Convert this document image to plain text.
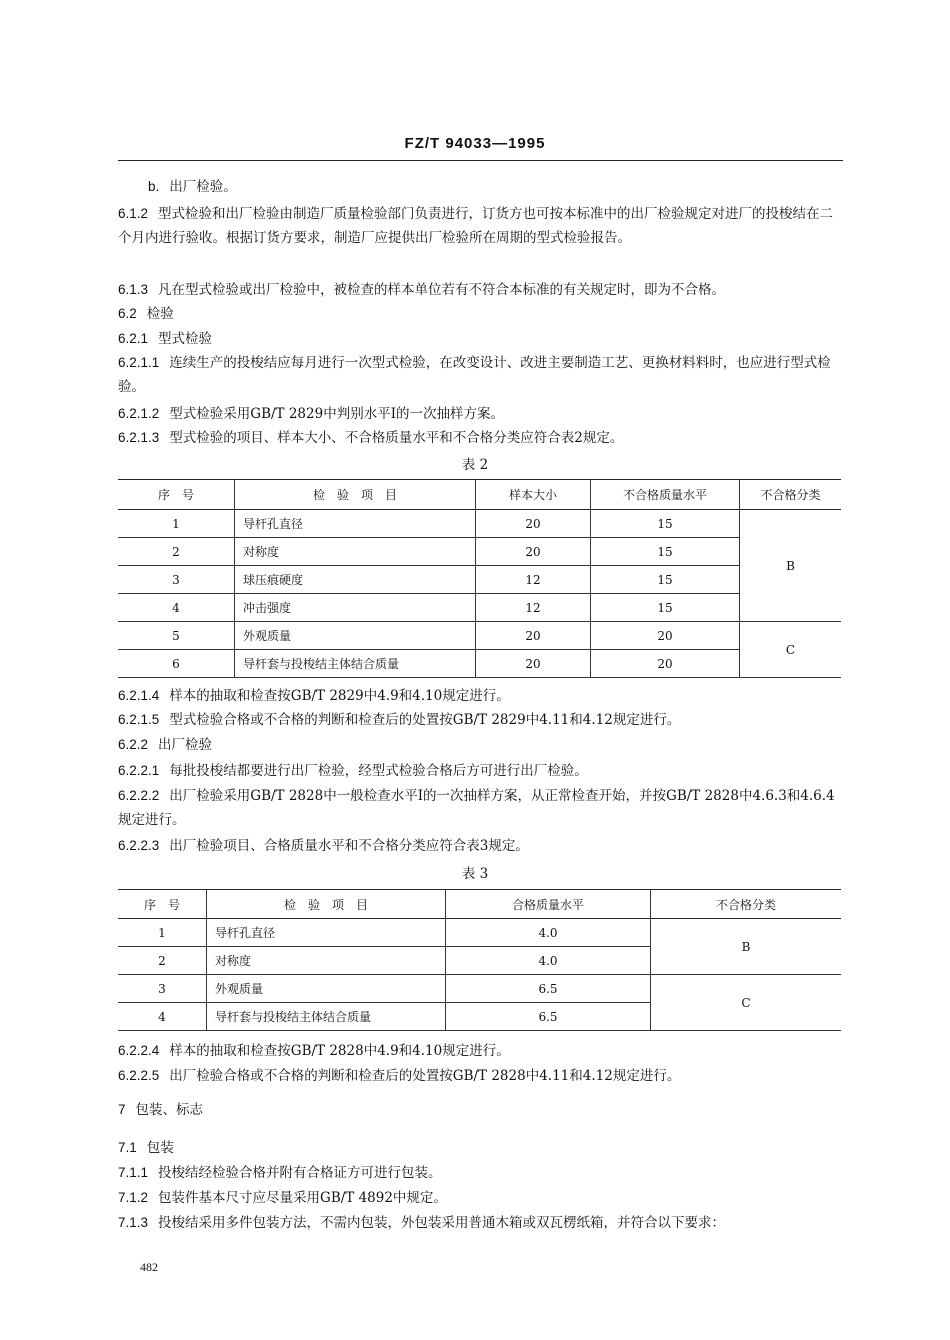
FZ/T 94033—1995

b. 出厂检验。

6.1.2 型式检验和出厂检验由制造厂质量检验部门负责进行，订货方也可按本标准中的出厂检验规定对进厂的投梭结在二个月内进行验收。根据订货方要求，制造厂应提供出厂检验所在周期的型式检验报告。

6.1.3 凡在型式检验或出厂检验中，被检查的样本单位若有不符合本标准的有关规定时，即为不合格。

6.2 检验

6.2.1 型式检验

6.2.1.1 连续生产的投梭结应每月进行一次型式检验，在改变设计、改进主要制造工艺、更换材料料时，也应进行型式检验。

6.2.1.2 型式检验采用GB/T 2829中判别水平Ⅰ的一次抽样方案。

6.2.1.3 型式检验的项目、样本大小、不合格质量水平和不合格分类应符合表2规定。

表 2
序　号	检　验　项　目	样本大小	不合格质量水平	不合格分类
1	导杆孔直径	20	15	B
2	对称度	20	15	
3	球压痕硬度	12	15	
4	冲击强度	12	15	
5	外观质量	20	20	C
6	导杆套与投梭结主体结合质量	20	20	

6.2.1.4 样本的抽取和检查按GB/T 2829中4.9和4.10规定进行。

6.2.1.5 型式检验合格或不合格的判断和检查后的处置按GB/T 2829中4.11和4.12规定进行。

6.2.2 出厂检验

6.2.2.1 每批投梭结都要进行出厂检验，经型式检验合格后方可进行出厂检验。

6.2.2.2 出厂检验采用GB/T 2828中一般检查水平Ⅰ的一次抽样方案，从正常检查开始，并按GB/T 2828中4.6.3和4.6.4规定进行。

6.2.2.3 出厂检验项目、合格质量水平和不合格分类应符合表3规定。

表 3
序　号	检　验　项　目	合格质量水平	不合格分类
1	导杆孔直径	4.0	B
2	对称度	4.0	
3	外观质量	6.5	C
4	导杆套与投梭结主体结合质量	6.5	

6.2.2.4 样本的抽取和检查按GB/T 2828中4.9和4.10规定进行。

6.2.2.5 出厂检验合格或不合格的判断和检查后的处置按GB/T 2828中4.11和4.12规定进行。

7 包装、标志

7.1 包装

7.1.1 投梭结经检验合格并附有合格证方可进行包装。

7.1.2 包装件基本尺寸应尽量采用GB/T 4892中规定。

7.1.3 投梭结采用多件包装方法，不需内包装，外包装采用普通木箱或双瓦楞纸箱，并符合以下要求：

482
